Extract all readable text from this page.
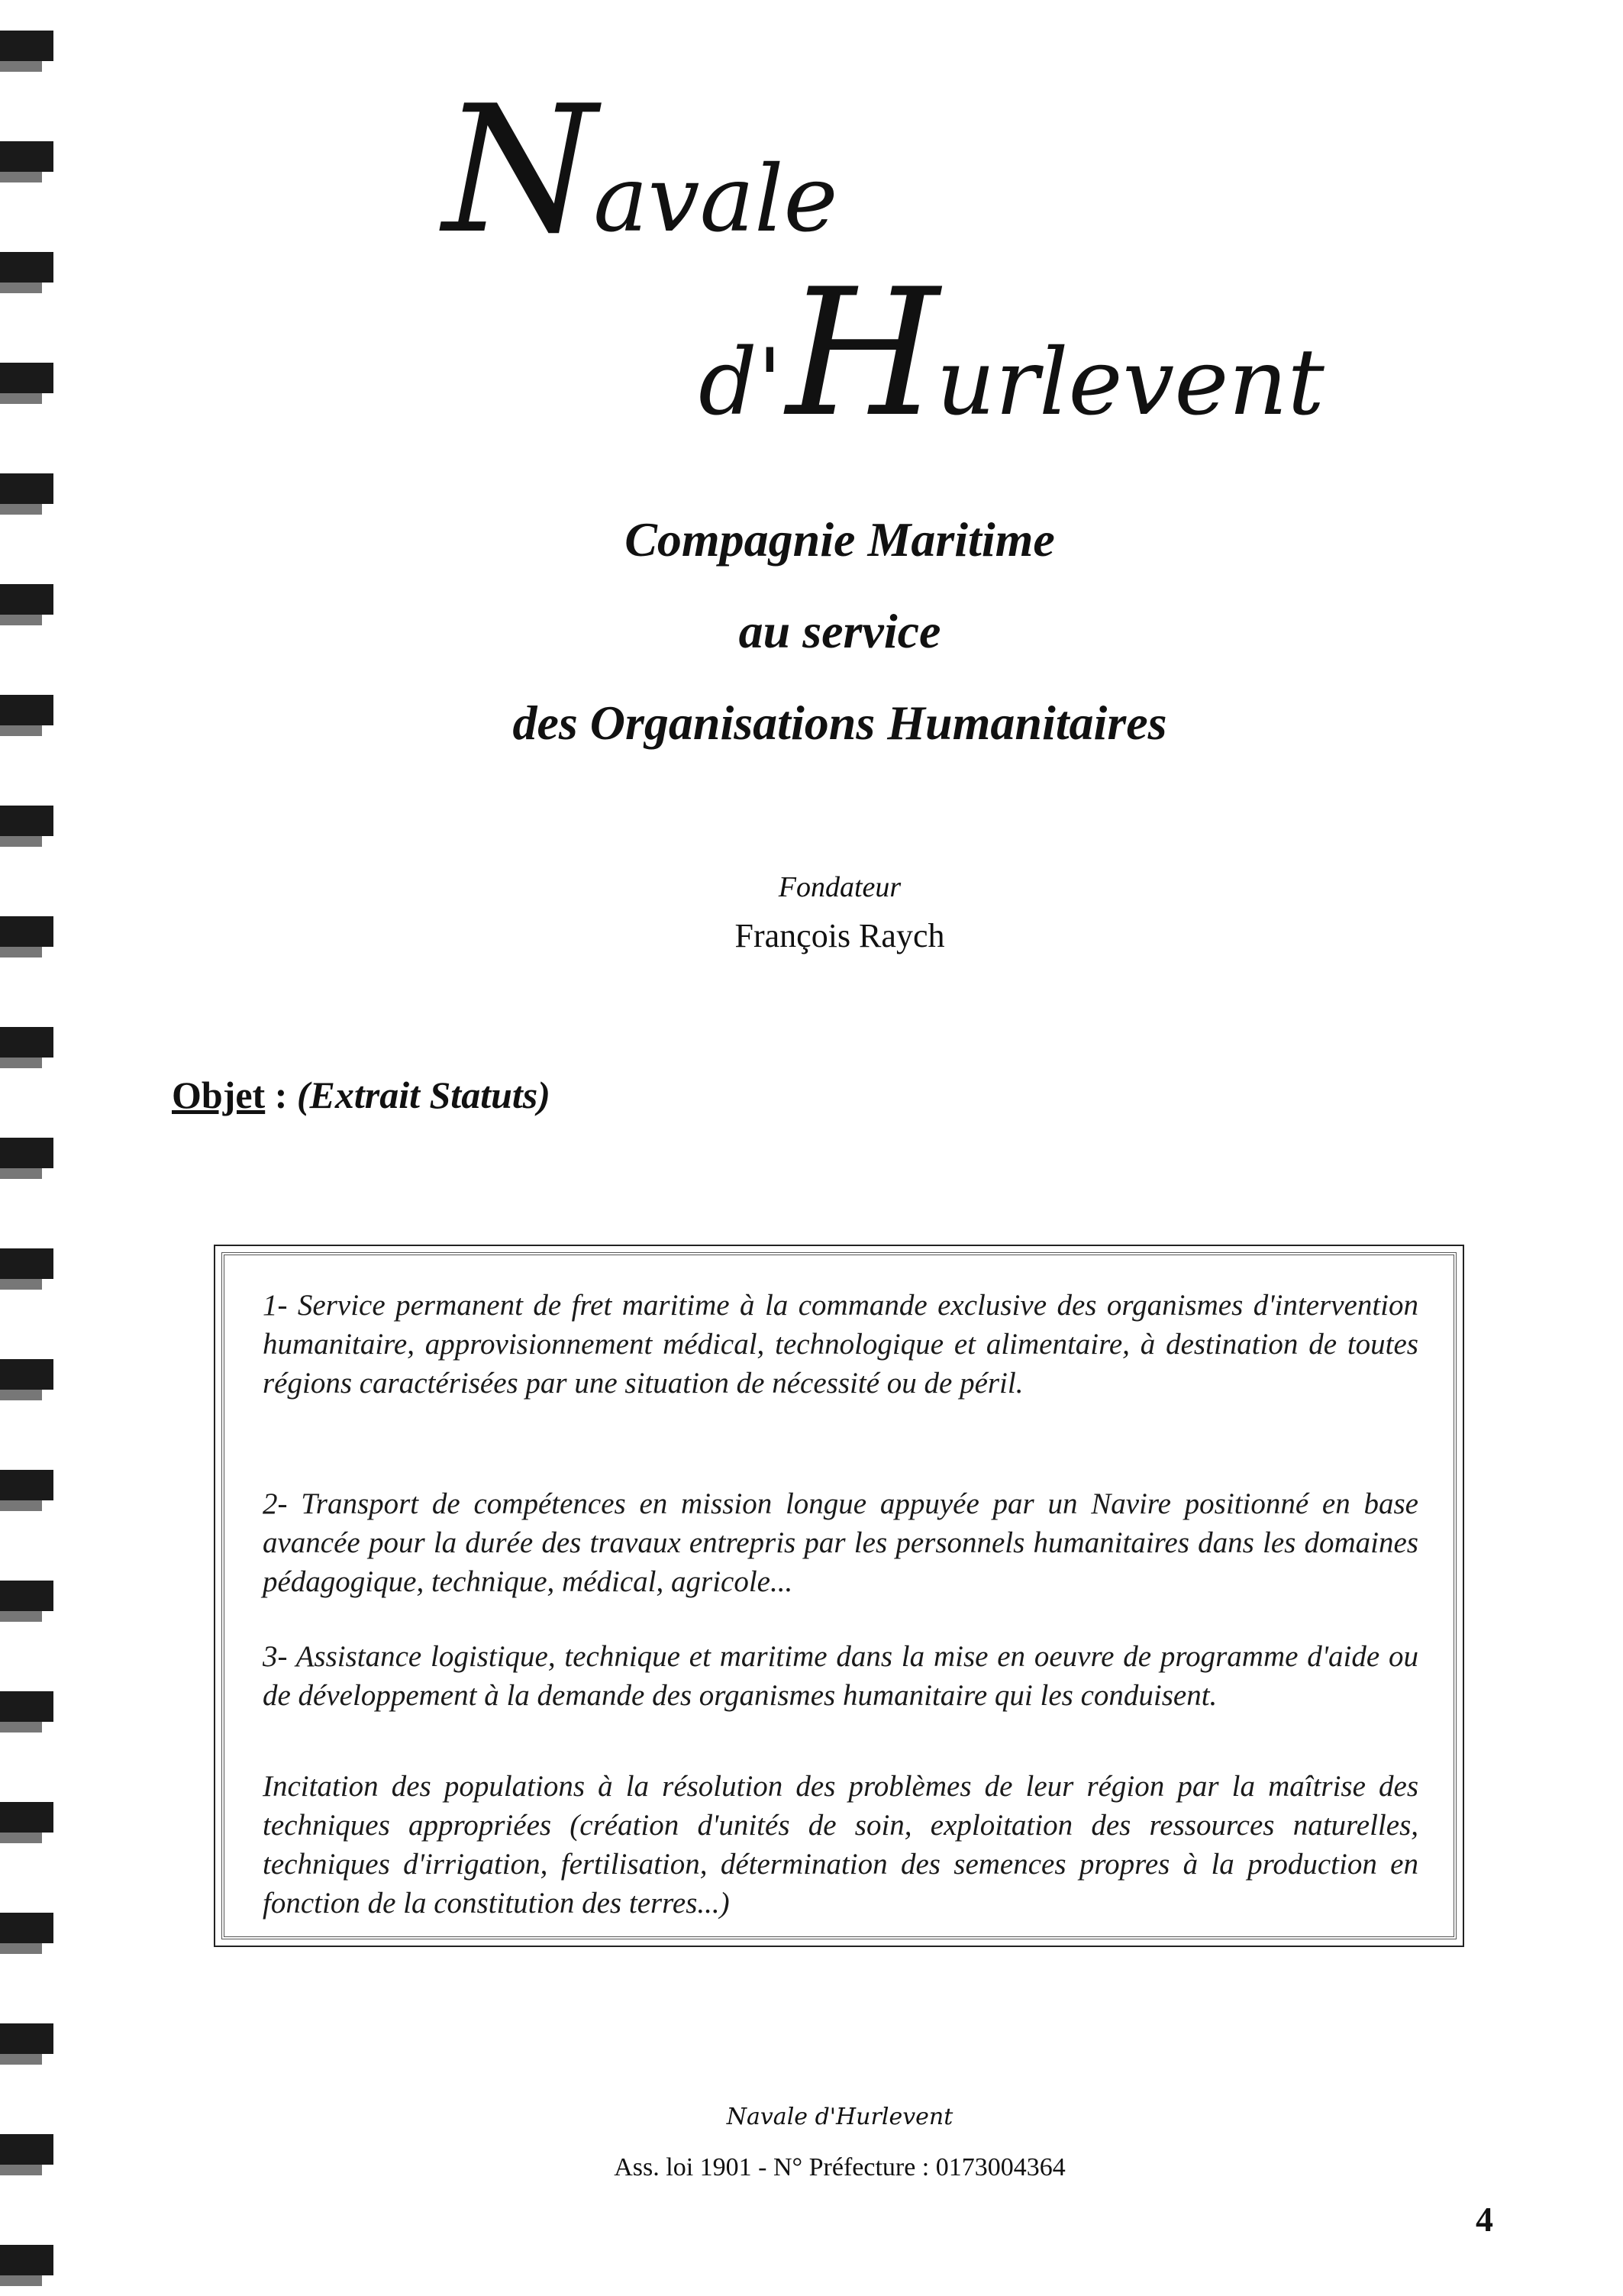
Navale
d' Hurlevent
Compagnie Maritime
au service
des Organisations Humanitaires
Fondateur
François Raych
Objet : (Extrait Statuts)
1- Service permanent de fret maritime à la commande exclusive des organismes d'intervention humanitaire, approvisionnement médical, technologique et alimentaire, à destination de toutes régions caractérisées par une situation de nécessité ou de péril.
2- Transport de compétences en mission longue appuyée par un Navire positionné en base avancée pour la durée des travaux entrepris par les personnels humanitaires dans les domaines pédagogique, technique, médical, agricole...
3- Assistance logistique, technique et maritime dans la mise en oeuvre de programme d'aide ou de développement à la demande des organismes humanitaire qui les conduisent.
Incitation des populations à la résolution des problèmes de leur région par la maîtrise des techniques appropriées (création d'unités de soin, exploitation des ressources naturelles, techniques d'irrigation, fertilisation, détermination des semences propres à la production en fonction de la constitution des terres...)
Navale d'Hurlevent
Ass. loi 1901 - N° Préfecture : 0173004364
4
